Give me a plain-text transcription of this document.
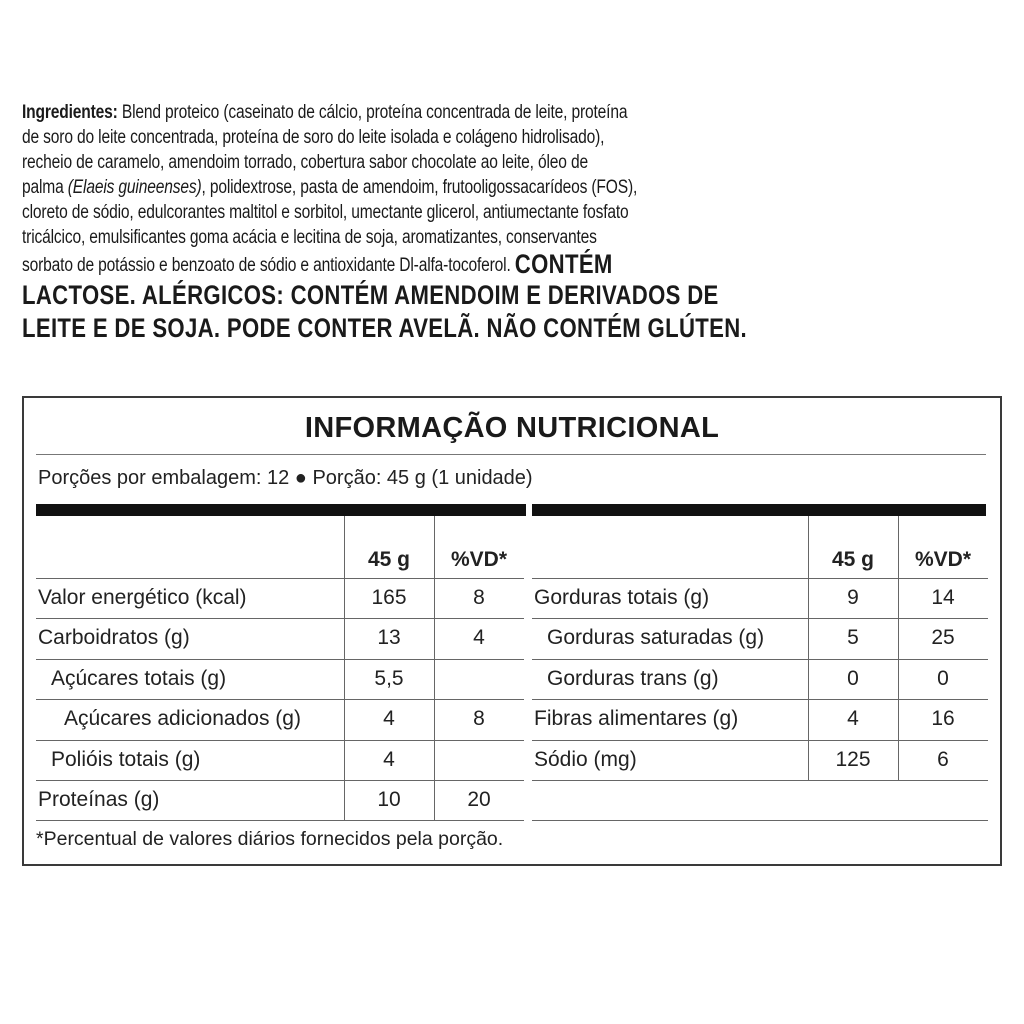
Ingredientes: Blend proteico (caseinato de cálcio, proteína concentrada de leite, proteína
de soro do leite concentrada, proteína de soro do leite isolada e colágeno hidrolisado),
recheio de caramelo, amendoim torrado, cobertura sabor chocolate ao leite, óleo de
palma (Elaeis guineenses), polidextrose, pasta de amendoim, frutooligossacarídeos (FOS),
cloreto de sódio, edulcorantes maltitol e sorbitol, umectante glicerol, antiumectante fosfato
tricálcico, emulsificantes goma acácia e lecitina de soja, aromatizantes, conservantes
sorbato de potássio e benzoato de sódio e antioxidante Dl-alfa-tocoferol. CONTÉM
LACTOSE. ALÉRGICOS: CONTÉM AMENDOIM E DERIVADOS DE
LEITE E DE SOJA. PODE CONTER AVELÃ. NÃO CONTÉM GLÚTEN.
INFORMAÇÃO NUTRICIONAL
Porções por embalagem: 12 ● Porção: 45 g (1 unidade)
45 g	%VD*	45 g	%VD*
Valor energético (kcal)	165	8
Carboidratos (g)	13	4
Açúcares totais (g)	5,5
Açúcares adicionados (g)	4	8
Polióis totais (g)	4
Proteínas (g)	10	20
Gorduras totais (g)	9	14
Gorduras saturadas (g)	5	25
Gorduras trans (g)	0	0
Fibras alimentares (g)	4	16
Sódio (mg)	125	6
*Percentual de valores diários fornecidos pela porção.
